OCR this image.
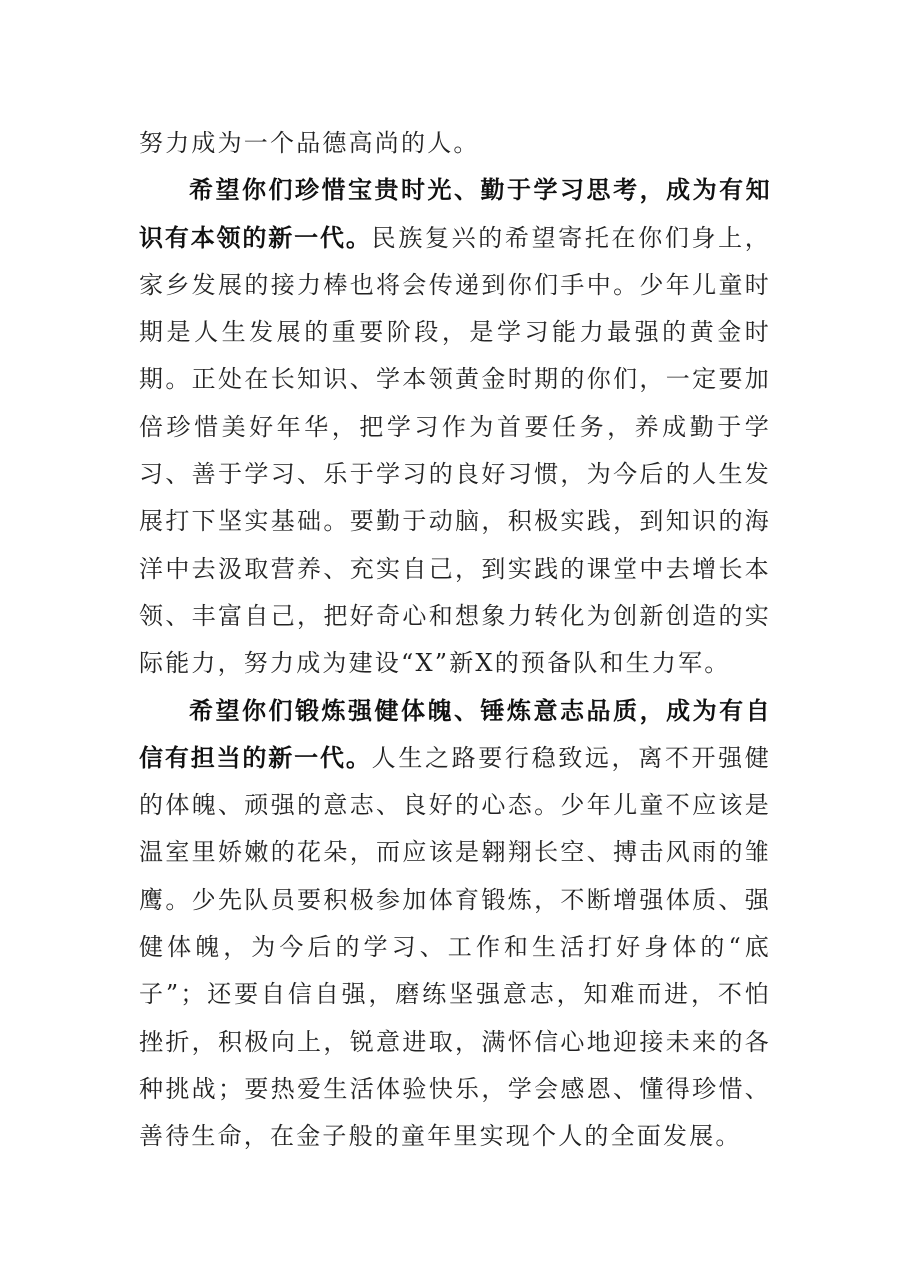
努力成为一个品德高尚的人。

希望你们珍惜宝贵时光、勤于学习思考，成为有知识有本领的新一代。民族复兴的希望寄托在你们身上，家乡发展的接力棒也将会传递到你们手中。少年儿童时期是人生发展的重要阶段，是学习能力最强的黄金时期。正处在长知识、学本领黄金时期的你们，一定要加倍珍惜美好年华，把学习作为首要任务，养成勤于学习、善于学习、乐于学习的良好习惯，为今后的人生发展打下坚实基础。要勤于动脑，积极实践，到知识的海洋中去汲取营养、充实自己，到实践的课堂中去增长本领、丰富自己，把好奇心和想象力转化为创新创造的实际能力，努力成为建设“X”新X的预备队和生力军。

希望你们锻炼强健体魄、锤炼意志品质，成为有自信有担当的新一代。人生之路要行稳致远，离不开强健的体魄、顽强的意志、良好的心态。少年儿童不应该是温室里娇嫩的花朵，而应该是翱翔长空、搏击风雨的雏鹰。少先队员要积极参加体育锻炼，不断增强体质、强健体魄，为今后的学习、工作和生活打好身体的“底子”；还要自信自强，磨练坚强意志，知难而进，不怕挫折，积极向上，锐意进取，满怀信心地迎接未来的各种挑战；要热爱生活体验快乐，学会感恩、懂得珍惜、善待生命，在金子般的童年里实现个人的全面发展。
